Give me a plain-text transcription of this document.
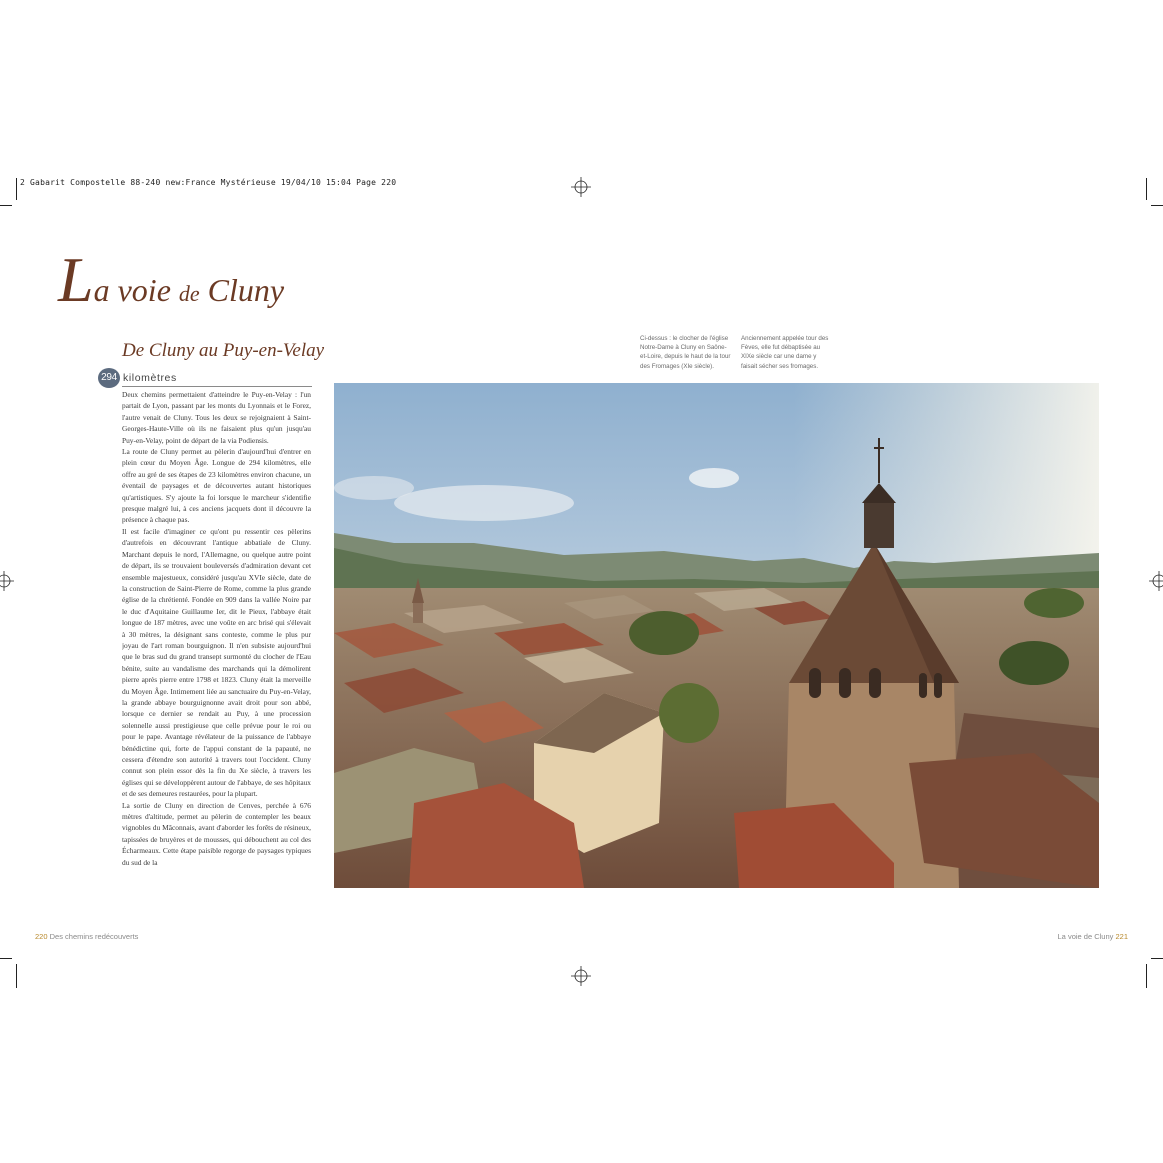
2 Gabarit Compostelle 88-240 new:France Mystérieuse 19/04/10 15:04 Page 220
La voie de Cluny
De Cluny au Puy-en-Velay
294 kilomètres

Deux chemins permettaient d'atteindre le Puy-en-Velay : l'un partait de Lyon, passant par les monts du Lyonnais et le Forez, l'autre venait de Cluny. Tous les deux se rejoignaient à Saint-Georges-Haute-Ville où ils ne faisaient plus qu'un jusqu'au Puy-en-Velay, point de départ de la via Podiensis.

La route de Cluny permet au pèlerin d'aujourd'hui d'entrer en plein cœur du Moyen Âge. Longue de 294 kilomètres, elle offre au gré de ses étapes de 23 kilomètres environ chacune, un éventail de paysages et de découvertes autant historiques qu'artistiques. S'y ajoute la foi lorsque le marcheur s'identifie presque malgré lui, à ces anciens jacquets dont il découvre la présence à chaque pas.

Il est facile d'imaginer ce qu'ont pu ressentir ces pèlerins d'autrefois en découvrant l'antique abbatiale de Cluny. Marchant depuis le nord, l'Allemagne, ou quelque autre point de départ, ils se trouvaient bouleversés d'admiration devant cet ensemble majestueux, considéré jusqu'au XVIe siècle, date de la construction de Saint-Pierre de Rome, comme la plus grande église de la chrétienté. Fondée en 909 dans la vallée Noire par le duc d'Aquitaine Guillaume Ier, dit le Pieux, l'abbaye était longue de 187 mètres, avec une voûte en arc brisé qui s'élevait à 30 mètres, la désignant sans conteste, comme le plus pur joyau de l'art roman bourguignon. Il n'en subsiste aujourd'hui que le bras sud du grand transept surmonté du clocher de l'Eau bénite, suite au vandalisme des marchands qui la démolirent pierre après pierre entre 1798 et 1823. Cluny était la merveille du Moyen Âge. Intimement liée au sanctuaire du Puy-en-Velay, la grande abbaye bourguignonne avait droit pour son abbé, lorsque ce dernier se rendait au Puy, à une procession solennelle aussi prestigieuse que celle prévue pour le roi ou pour le pape. Avantage révélateur de la puissance de l'abbaye bénédictine qui, forte de l'appui constant de la papauté, ne cessera d'étendre son autorité à travers tout l'occident. Cluny connut son plein essor dès la fin du Xe siècle, à travers les églises qui se développèrent autour de l'abbaye, de ses hôpitaux et de ses demeures restaurées, pour la plupart.

La sortie de Cluny en direction de Cenves, perchée à 676 mètres d'altitude, permet au pèlerin de contempler les beaux vignobles du Mâconnais, avant d'aborder les forêts de résineux, tapissées de bruyères et de mousses, qui débouchent au col des Écharmeaux. Cette étape paisible regorge de paysages typiques du sud de la

Ci-dessus : le clocher de l'église Notre-Dame à Cluny en Saône-et-Loire, depuis le haut de la tour des Fromages (XIe siècle).
Anciennement appelée tour des Fèves, elle fut débaptisée au XIXe siècle car une dame y faisait sécher ses fromages.
220 Des chemins redécouverts	La voie de Cluny 221
